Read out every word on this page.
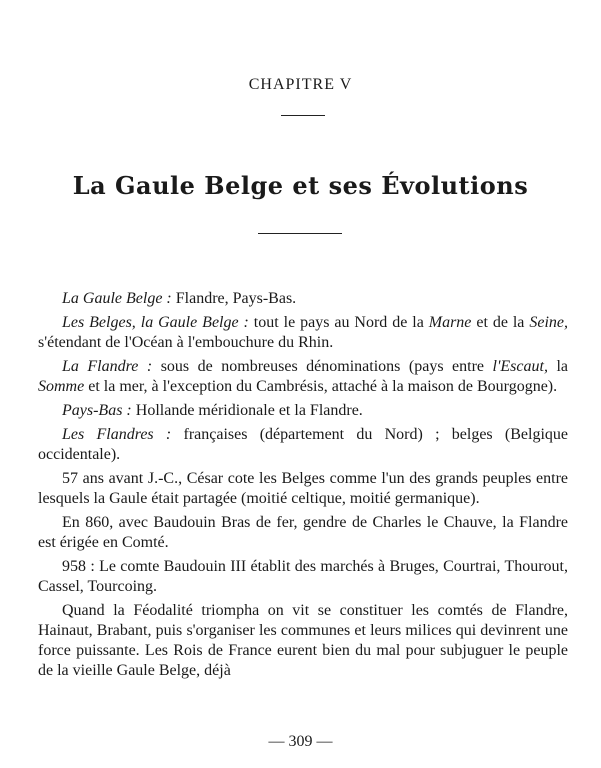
CHAPITRE V
La Gaule Belge et ses Évolutions

La Gaule Belge : Flandre, Pays-Bas.

Les Belges, la Gaule Belge : tout le pays au Nord de la Marne et de la Seine, s'étendant de l'Océan à l'embouchure du Rhin.

La Flandre : sous de nombreuses dénominations (pays entre l'Escaut, la Somme et la mer, à l'exception du Cambrésis, attaché à la maison de Bourgogne).

Pays-Bas : Hollande méridionale et la Flandre.

Les Flandres : françaises (département du Nord) ; belges (Belgique occidentale).

57 ans avant J.-C., César cote les Belges comme l'un des grands peuples entre lesquels la Gaule était partagée (moitié celtique, moitié germanique).

En 860, avec Baudouin Bras de fer, gendre de Charles le Chauve, la Flandre est érigée en Comté.

958 : Le comte Baudouin III établit des marchés à Bruges, Courtrai, Thourout, Cassel, Tourcoing.

Quand la Féodalité triompha on vit se constituer les comtés de Flandre, Hainaut, Brabant, puis s'organiser les communes et leurs milices qui devinrent une force puissante. Les Rois de France eurent bien du mal pour subjuguer le peuple de la vieille Gaule Belge, déjà

— 309 —
